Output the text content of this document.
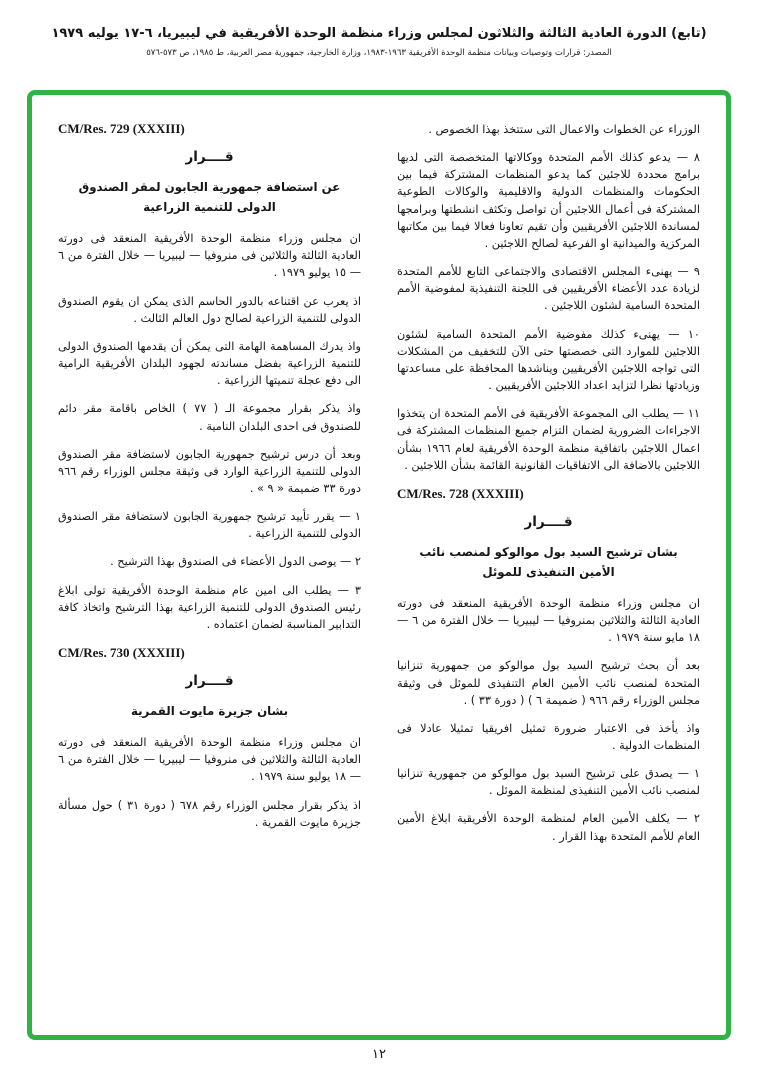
(تابع) الدورة العادية الثالثة والثلاثون لمجلس وزراء منظمة الوحدة الأفريقية في ليبيريا، ٦-١٧ يوليه ١٩٧٩
المصدر: قرارات وتوصيات وبيانات منظمة الوحدة الأفريقية ١٩٦٣-١٩٨٣، وزارة الخارجية، جمهورية مصر العربية، ط ١٩٨٥، ص ٥٧٣-٥٧٦
الوزراء عن الخطوات والاعمال التى ستتخذ بهذا الخصوص .
٨ — يدعو كذلك الأمم المتحدة ووكالاتها المتخصصة التى لديها برامج محددة للاجئين كما يدعو المنظمات المشتركة فيما بين الحكومات والمنظمات الدولية والاقليمية والوكالات الطوعية المشتركة فى أعمال اللاجئين أن تواصل وتكثف انشطتها وبرامجها لمساندة اللاجئين الأفريقيين وأن تقيم تعاونا فعالا فيما بين مكاتبها المركزية والميدانية او الفرعية لصالح اللاجئين .
٩ — يهنىء المجلس الاقتصادى والاجتماعى التابع للأمم المتحدة لزيادة عدد الأعضاء الأفريقيين فى اللجنة التنفيذية لمفوضية الأمم المتحدة السامية لشئون اللاجئين .
١٠ — يهنىء كذلك مفوضية الأمم المتحدة السامية لشئون اللاجئين للموارد التى خصصتها حتى الآن للتخفيف من المشكلات التى تواجه اللاجئين الأفريقيين ويناشدها المحافظة على مساعدتها وزيادتها نظرا لتزايد اعداد اللاجئين الأفريقيين .
١١ — يطلب الى المجموعة الأفريقية فى الأمم المتحدة ان يتخذوا الاجراءات الضرورية لضمان التزام جميع المنظمات المشتركة فى اعمال اللاجئين باتفاقية منظمة الوحدة الأفريقية لعام ١٩٦٦ بشأن اللاجئين بالاضافة الى الاتفاقيات القانونية القائمة بشأن اللاجئين .
CM/Res. 728 (XXXIII)
قــــرار
بشان ترشيح السيد بول موالوكو لمنصب نائب الأمين التنفيذى للموئل
ان مجلس وزراء منظمة الوحدة الأفريقية المنعقد فى دورته العادية الثالثة والثلاثين بمنروفيا — ليبيريا — خلال الفترة من ٦ — ١٨ مايو سنة ١٩٧٩ .
بعد أن بحث ترشيح السيد بول موالوكو من جمهورية تنزانيا المتحدة لمنصب نائب الأمين العام التنفيذى للموئل فى وثيقة مجلس الوزراء رقم ٩٦٦ ( ضميمة ٦ ) ( دورة ٣٣ ) .
واذ يأخذ فى الاعتبار ضرورة تمثيل افريقيا تمثيلا عادلا فى المنظمات الدولية .
١ — يصدق على ترشيح السيد بول موالوكو من جمهورية تنزانيا لمنصب نائب الأمين التنفيذى لمنظمة الموئل .
٢ — يكلف الأمين العام لمنظمة الوحدة الأفريقية ابلاغ الأمين العام للأمم المتحدة بهذا القرار .
CM/Res. 729 (XXXIII)
قــــرار
عن استضافة جمهورية الجابون لمقر الصندوق الدولى للتنمية الزراعية
ان مجلس وزراء منظمة الوحدة الأفريقية المنعقد فى دورته العادية الثالثة والثلاثين فى منروفيا — ليبيريا — خلال الفترة من ٦ — ١٥ يوليو ١٩٧٩ .
اذ يعرب عن اقتناعه بالدور الحاسم الذى يمكن ان يقوم الصندوق الدولى للتنمية الزراعية لصالح دول العالم الثالث .
واذ يدرك المساهمة الهامة التى يمكن أن يقدمها الصندوق الدولى للتنمية الزراعية بفضل مساندته لجهود البلدان الأفريقية الرامية الى دفع عجلة تنميتها الزراعية .
واذ يذكر بقرار مجموعة الـ ( ٧٧ ) الخاص باقامة مقر دائم للصندوق فى احدى البلدان النامية .
وبعد أن درس ترشيح جمهورية الجابون لاستضافة مقر الصندوق الدولى للتنمية الزراعية الوارد فى وثيقة مجلس الوزراء رقم ٩٦٦ دورة ٣٣ ضميمة « ٩ » .
١ — يقرر تأييد ترشيح جمهورية الجابون لاستضافة مقر الصندوق الدولى للتنمية الزراعية .
٢ — يوصى الدول الأعضاء فى الصندوق بهذا الترشيح .
٣ — يطلب الى امين عام منظمة الوحدة الأفريقية تولى ابلاغ رئيس الصندوق الدولى للتنمية الزراعية بهذا الترشيح واتخاذ كافة التدابير المناسبة لضمان اعتماده .
CM/Res. 730 (XXXIII)
قــــرار
بشان جزيرة مايوت القمرية
ان مجلس وزراء منظمة الوحدة الأفريقية المنعقد فى دورته العادية الثالثة والثلاثين فى منروفيا — ليبيريا — خلال الفترة من ٦ — ١٨ يوليو سنة ١٩٧٩ .
اذ يذكر بقرار مجلس الوزراء رقم ٦٧٨ ( دورة ٣١ ) حول مسألة جزيرة مايوت القمرية .
١٢
